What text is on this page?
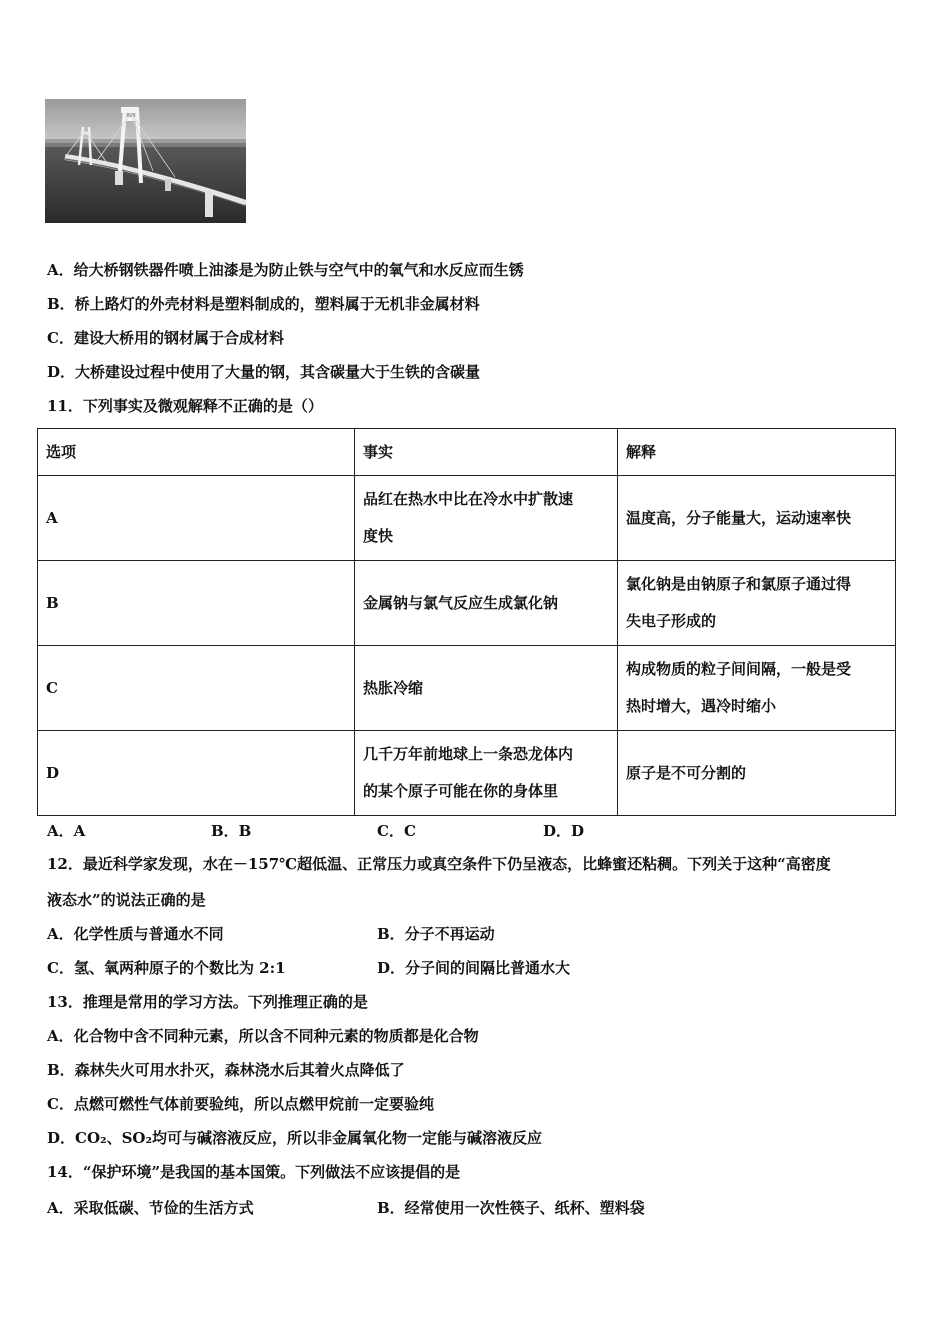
A．给大桥钢铁器件喷上油漆是为防止铁与空气中的氧气和水反应而生锈
B．桥上路灯的外壳材料是塑料制成的，塑料属于无机非金属材料
C．建设大桥用的钢材属于合成材料
D．大桥建设过程中使用了大量的钢，其含碳量大于生铁的含碳量
11．下列事实及微观解释不正确的是（）
选项	事实	解释
A	品红在热水中比在冷水中扩散速
度快	温度高，分子能量大，运动速率快

B	金属钠与氯气反应生成氯化钠	氯化钠是由钠原子和氯原子通过得
失电子形成的

C	热胀冷缩	构成物质的粒子间间隔，一般是受
热时增大，遇冷时缩小

D	几千万年前地球上一条恐龙体内
的某个原子可能在你的身体里	原子是不可分割的
A．A	B．B	C．C	D．D
12．最近科学家发现，水在－157℃超低温、正常压力或真空条件下仍呈液态，比蜂蜜还粘稠。下列关于这种“高密度
液态水”的说法正确的是
A．化学性质与普通水不同	B．分子不再运动
C．氢、氧两种原子的个数比为 2:1	D．分子间的间隔比普通水大
13．推理是常用的学习方法。下列推理正确的是
A．化合物中含不同种元素，所以含不同种元素的物质都是化合物
B．森林失火可用水扑灭，森林浇水后其着火点降低了
C．点燃可燃性气体前要验纯，所以点燃甲烷前一定要验纯
D．CO₂、SO₂均可与碱溶液反应，所以非金属氧化物一定能与碱溶液反应
14．“保护环境”是我国的基本国策。下列做法不应该提倡的是
A．采取低碳、节俭的生活方式	B．经常使用一次性筷子、纸杯、塑料袋
